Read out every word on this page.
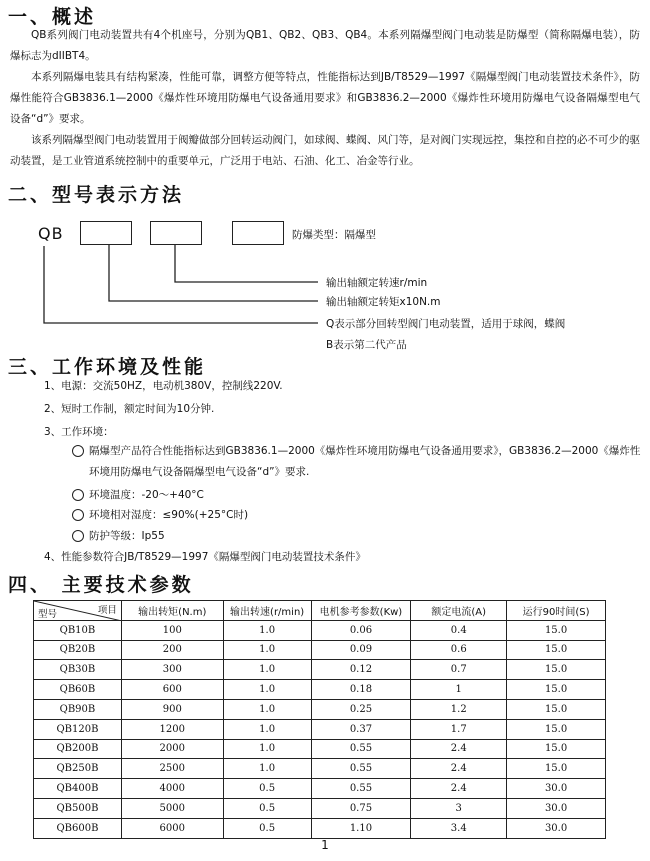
一、概述
QB系列阀门电动装置共有4个机座号，分别为QB1、QB2、QB3、QB4。本系列隔爆型阀门电动装是防爆型（简称隔爆电装），防爆标志为dIIBT4。
本系列隔爆电装具有结构紧凑，性能可靠，调整方便等特点，性能指标达到JB/T8529—1997《隔爆型阀门电动装置技术条件》，防爆性能符合GB3836.1—2000《爆炸性环境用防爆电气设备通用要求》和GB3836.2—2000《爆炸性环境用防爆电气设备隔爆型电气设备“d”》要求。
该系列隔爆型阀门电动装置用于阀瓣做部分回转运动阀门，如球阀、蝶阀、风门等，是对阀门实现远控，集控和自控的必不可少的驱动装置，是工业管道系统控制中的重要单元，广泛用于电站、石油、化工、冶金等行业。
二、型号表示方法
QB	防爆类型：隔爆型
输出轴额定转速r/min
输出轴额定转矩x10N.m
Q表示部分回转型阀门电动装置，适用于球阀，蝶阀
B表示第二代产品
三、工作环境及性能
1、电源：交流50HZ，电动机380V，控制线220V.
2、短时工作制，额定时间为10分钟.
3、工作环境：
隔爆型产品符合性能指标达到GB3836.1—2000《爆炸性环境用防爆电气设备通用要求》，GB3836.2—2000《爆炸性
环境用防爆电气设备隔爆型电气设备“d”》要求.
环境温度：-20～+40°C
环境相对湿度：≤90%(+25°C时)
防护等级：Ip55
4、性能参数符合JB/T8529—1997《隔爆型阀门电动装置技术条件》
四、 主要技术参数
项目
型号	输出转矩(N.m)	输出转速(r/min)	电机参考参数(Kw)	额定电流(A)	运行90时间(S)
QB10B	100	1.0	0.06	0.4	15.0
QB20B	200	1.0	0.09	0.6	15.0
QB30B	300	1.0	0.12	0.7	15.0
QB60B	600	1.0	0.18	1	15.0
QB90B	900	1.0	0.25	1.2	15.0
QB120B	1200	1.0	0.37	1.7	15.0
QB200B	2000	1.0	0.55	2.4	15.0
QB250B	2500	1.0	0.55	2.4	15.0
QB400B	4000	0.5	0.55	2.4	30.0
QB500B	5000	0.5	0.75	3	30.0
QB600B	6000	0.5	1.10	3.4	30.0
1
